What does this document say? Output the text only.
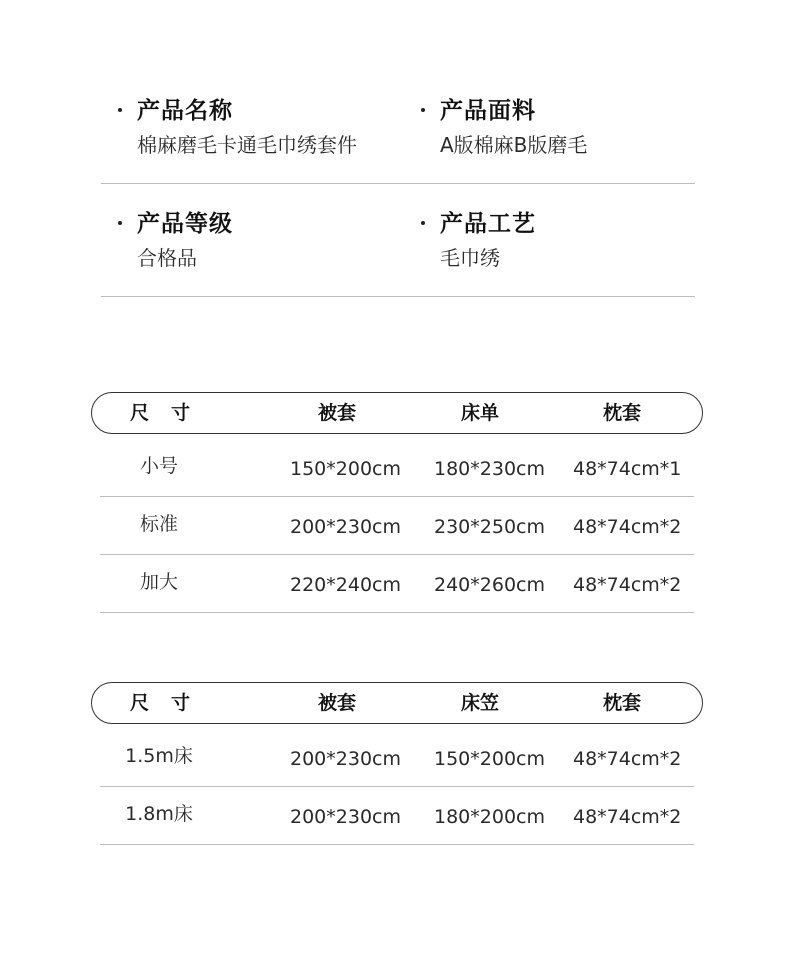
产品名称
棉麻磨毛卡通毛巾绣套件
产品面料
A版棉麻B版磨毛
产品等级
合格品
产品工艺
毛巾绣
尺寸	被套	床单	枕套
小号	150*200cm 180*230cm 48*74cm*1
标准	200*230cm 230*250cm 48*74cm*2
加大	220*240cm 240*260cm 48*74cm*2
尺寸	被套	床笠	枕套
1.5m床	200*230cm 150*200cm 48*74cm*2
1.8m床	200*230cm 180*200cm 48*74cm*2
